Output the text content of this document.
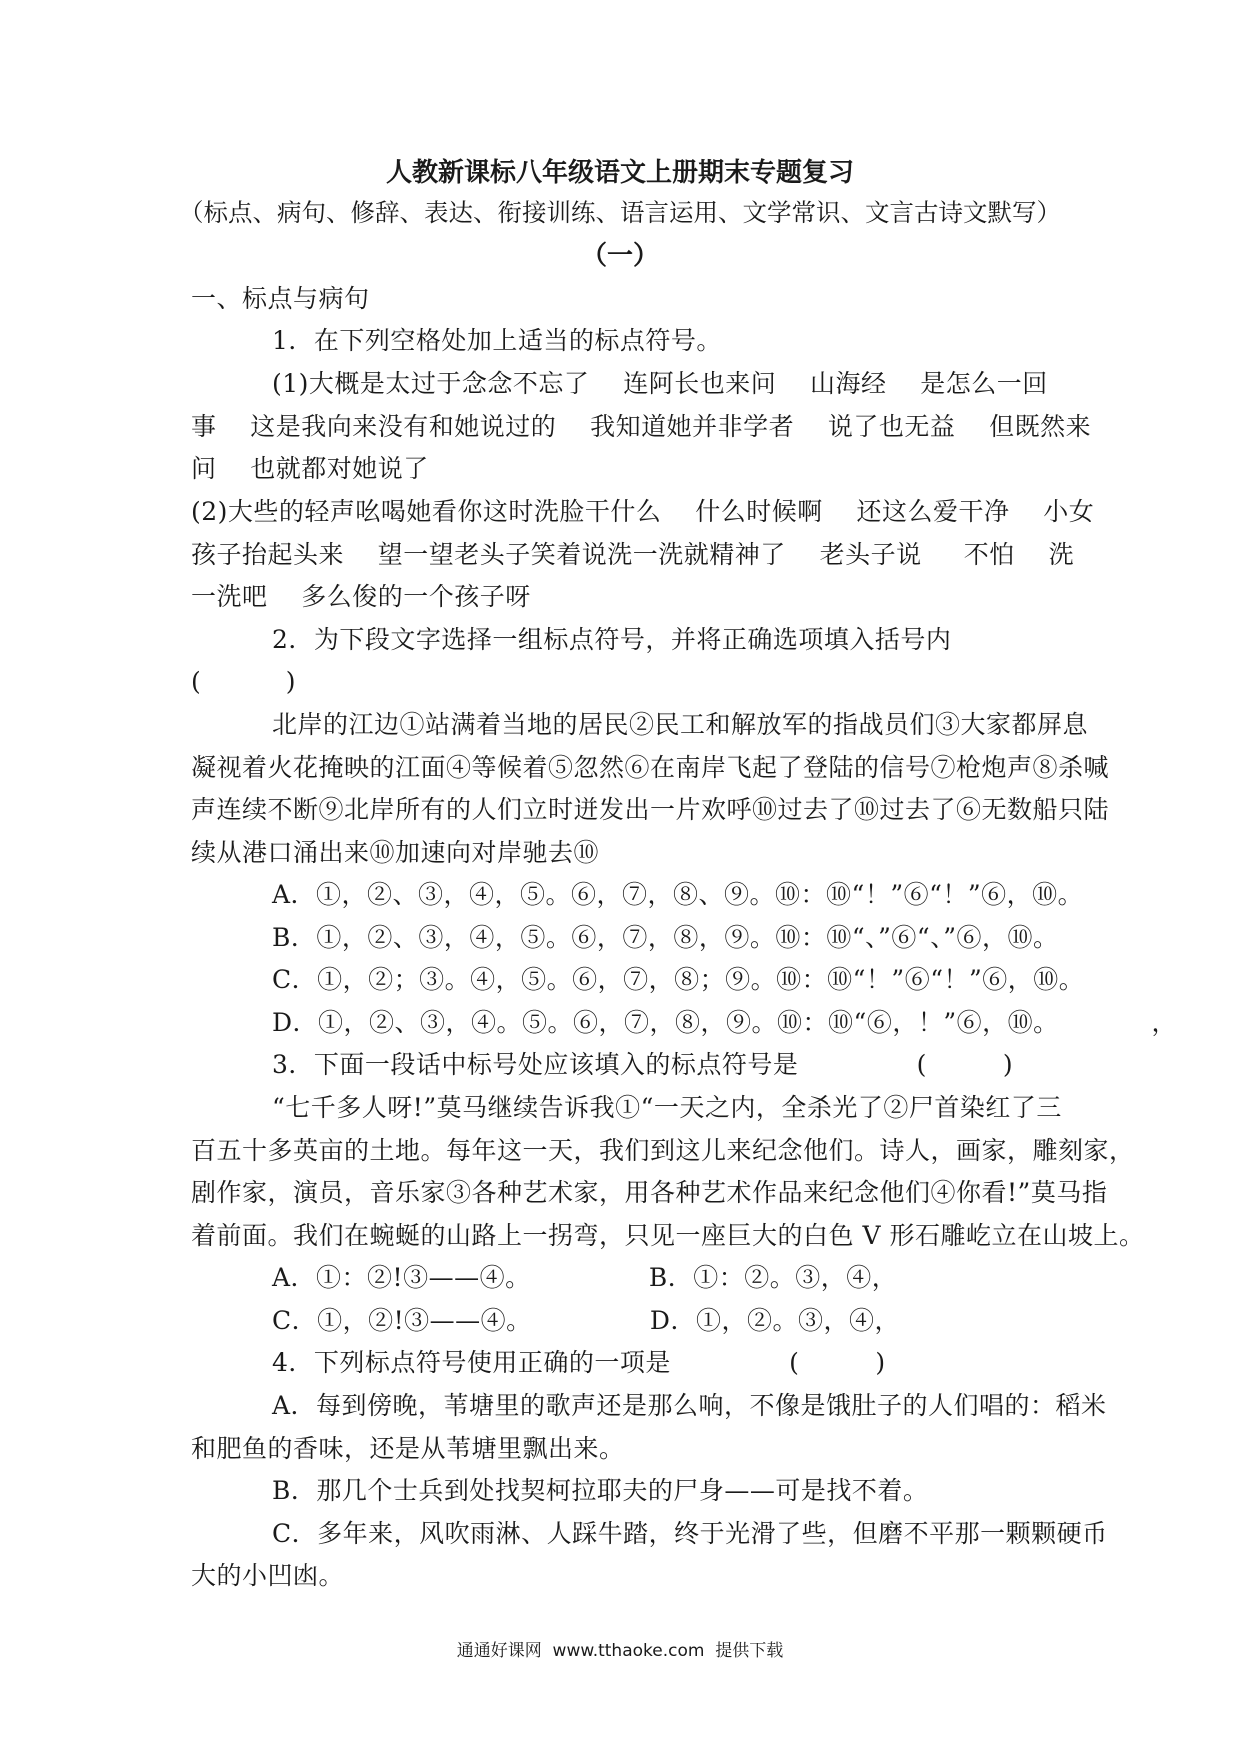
人教新课标八年级语文上册期末专题复习
（标点、病句、修辞、表达、衔接训练、语言运用、文学常识、文言古诗文默写）
（一）
一、标点与病句
1．在下列空格处加上适当的标点符号。
(1)大概是太过于念念不忘了    连阿长也来问    山海经    是怎么一回
事    这是我向来没有和她说过的    我知道她并非学者    说了也无益    但既然来
问    也就都对她说了
(2)大些的轻声吆喝她看你这时洗脸干什么    什么时候啊    还这么爱干净    小女
孩子抬起头来    望一望老头子笑着说洗一洗就精神了    老头子说     不怕    洗
一洗吧    多么俊的一个孩子呀
2．为下段文字选择一组标点符号，并将正确选项填入括号内
(          )
北岸的江边①站满着当地的居民②民工和解放军的指战员们③大家都屏息
凝视着火花掩映的江面④等候着⑤忽然⑥在南岸飞起了登陆的信号⑦枪炮声⑧杀喊
声连续不断⑨北岸所有的人们立时迸发出一片欢呼⑩过去了⑩过去了⑥无数船只陆
续从港口涌出来⑩加速向对岸驰去⑩
A．①，②、③，④，⑤。⑥，⑦，⑧、⑨。⑩：⑩“！”⑥“！”⑥，⑩。
B．①，②、③，④，⑤。⑥，⑦，⑧，⑨。⑩：⑩“、”⑥“、”⑥，⑩。
C．①，②；③。④，⑤。⑥，⑦，⑧；⑨。⑩：⑩“！”⑥“！”⑥，⑩。
D．①，②、③，④。⑤。⑥，⑦，⑧，⑨。⑩：⑩“⑥，！”⑥，⑩。           ，
3．下面一段话中标号处应该填入的标点符号是              (         )
“七千多人呀!”莫马继续告诉我①“一天之内，全杀光了②尸首染红了三
百五十多英亩的土地。每年这一天，我们到这儿来纪念他们。诗人，画家，雕刻家，
剧作家，演员，音乐家③各种艺术家，用各种艺术作品来纪念他们④你看!”莫马指
着前面。我们在蜿蜒的山路上一拐弯，只见一座巨大的白色 V 形石雕屹立在山坡上。
A．①：②!③——④。              B．①：②。③，④，
C．①，②!③——④。              D．①，②。③，④，
4．下列标点符号使用正确的一项是              (         )
A．每到傍晚，苇塘里的歌声还是那么响，不像是饿肚子的人们唱的：稻米
和肥鱼的香味，还是从苇塘里飘出来。
B．那几个士兵到处找契柯拉耶夫的尸身——可是找不着。
C．多年来，风吹雨淋、人踩牛踏，终于光滑了些，但磨不平那一颗颗硬币
大的小凹凼。
通通好课网  www.tthaoke.com  提供下载
